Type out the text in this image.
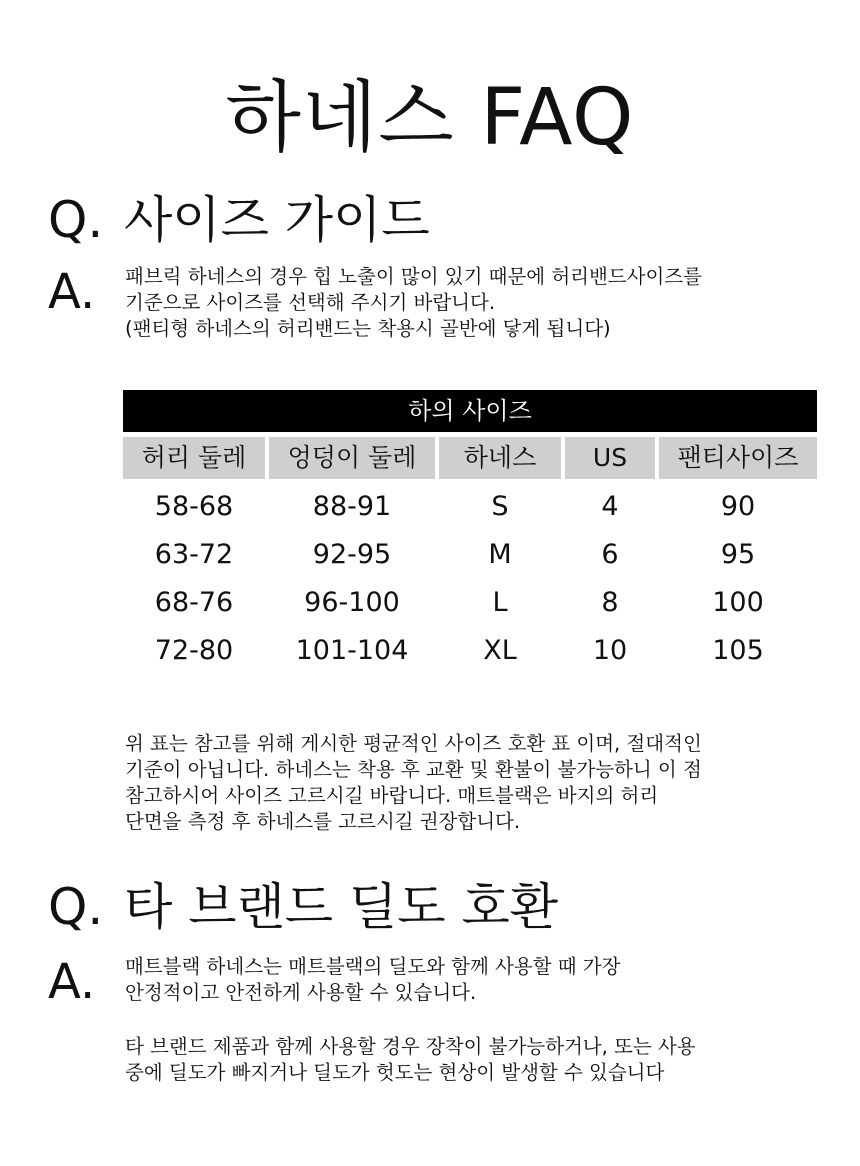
하네스 FAQ
Q. 사이즈 가이드
A. 패브릭 하네스의 경우 힙 노출이 많이 있기 때문에 허리밴드사이즈를

기준으로 사이즈를 선택해 주시기 바랍니다.

(팬티형 하네스의 허리밴드는 착용시 골반에 닿게 됩니다)

하의 사이즈
허리 둘레	엉덩이 둘레	하네스	US	팬티사이즈
58-68	88-91	S	4	90
63-72	92-95	M	6	95
68-76	96-100	L	8	100
72-80	101-104	XL	10	105

위 표는 참고를 위해 게시한 평균적인 사이즈 호환 표 이며, 절대적인

기준이 아닙니다. 하네스는 착용 후 교환 및 환불이 불가능하니 이 점

참고하시어 사이즈 고르시길 바랍니다. 매트블랙은 바지의 허리

단면을 측정 후 하네스를 고르시길 권장합니다.

Q. 타 브랜드 딜도 호환
A. 매트블랙 하네스는 매트블랙의 딜도와 함께 사용할 때 가장

안정적이고 안전하게 사용할 수 있습니다.

타 브랜드 제품과 함께 사용할 경우 장착이 불가능하거나, 또는 사용

중에 딜도가 빠지거나 딜도가 헛도는 현상이 발생할 수 있습니다
